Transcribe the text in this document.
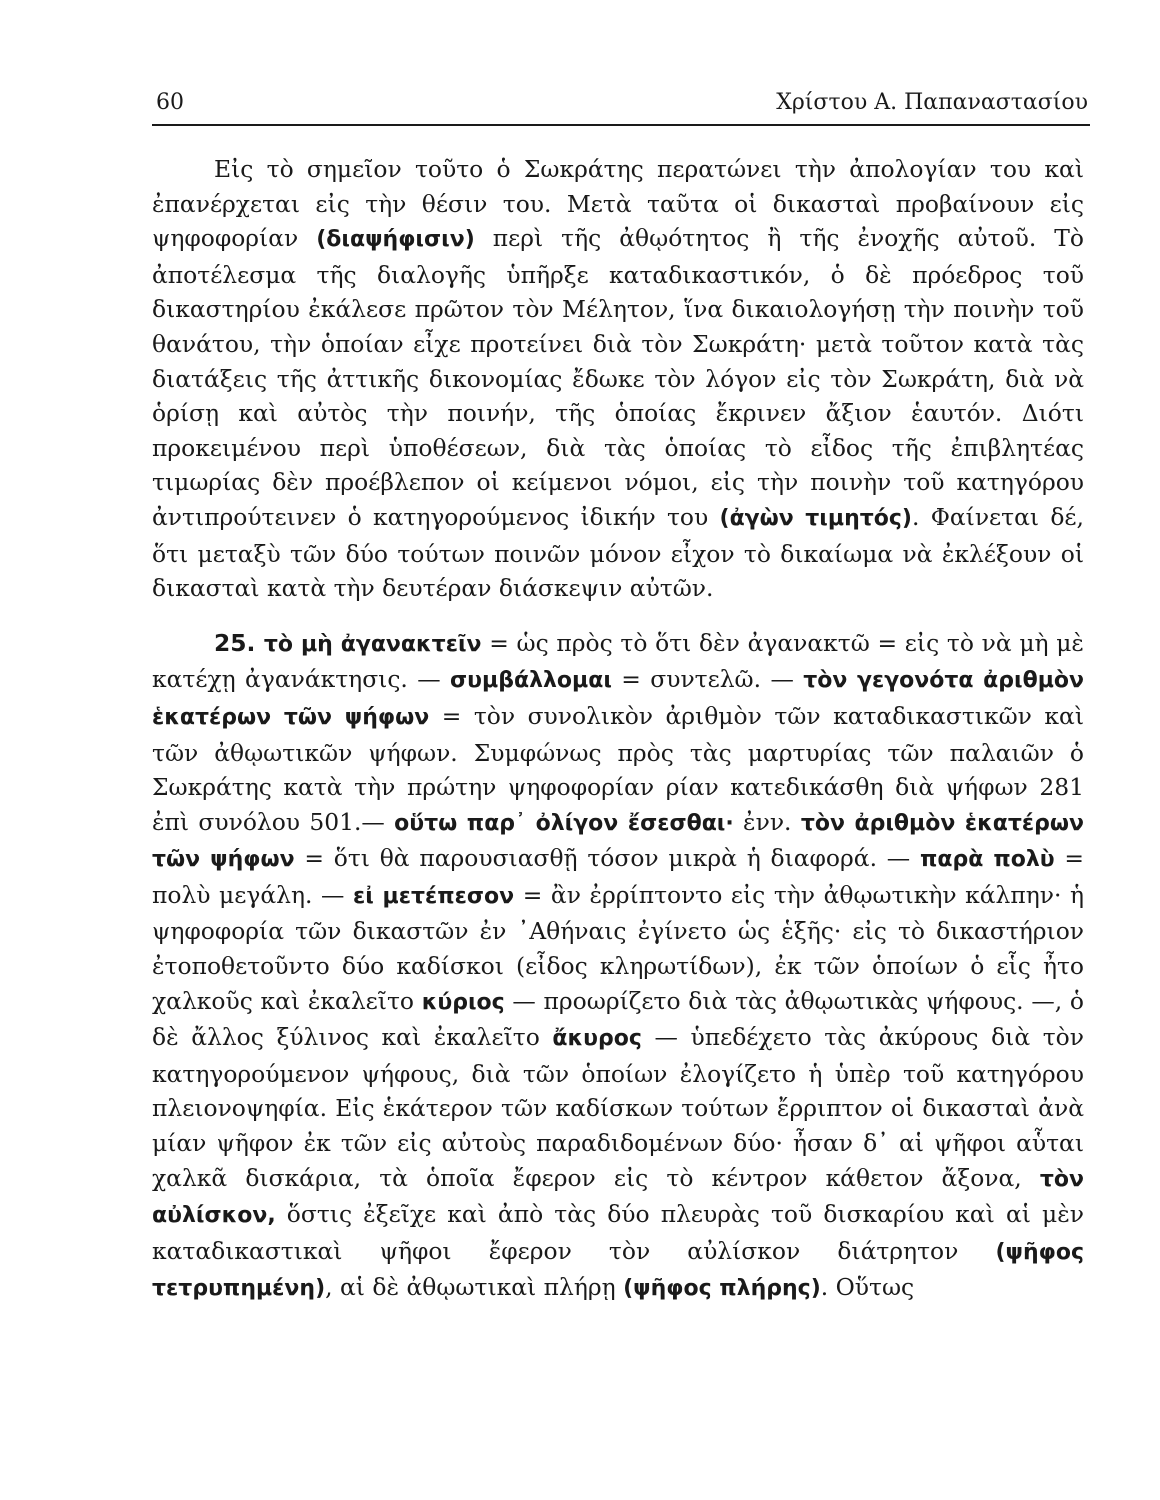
60	Χρίστου Α. Παπαναστασίου

Εἰς τὸ σημεῖον τοῦτο ὁ Σωκράτης περατώνει τὴν ἀπολογίαν του καὶ ἐπανέρχεται εἰς τὴν θέσιν του. Μετὰ ταῦτα οἱ δικασταὶ προβαίνουν εἰς ψηφοφορίαν (διαψήφισιν) περὶ τῆς ἀθῳότητος ἢ τῆς ἐνοχῆς αὐτοῦ. Τὸ ἀποτέλεσμα τῆς διαλογῆς ὑπῆρξε καταδικαστικόν, ὁ δὲ πρόεδρος τοῦ δικαστηρίου ἐκάλεσε πρῶτον τὸν Μέλητον, ἵνα δικαιολογήσῃ τὴν ποινὴν τοῦ θανάτου, τὴν ὁποίαν εἶχε προτείνει διὰ τὸν Σωκράτη· μετὰ τοῦτον κατὰ τὰς διατάξεις τῆς ἀττικῆς δικονομίας ἔδωκε τὸν λόγον εἰς τὸν Σωκράτη, διὰ νὰ ὁρίσῃ καὶ αὐτὸς τὴν ποινήν, τῆς ὁποίας ἔκρινεν ἄξιον ἑαυτόν. Διότι προκειμένου περὶ ὑποθέσεων, διὰ τὰς ὁποίας τὸ εἶδος τῆς ἐπιβλητέας τιμωρίας δὲν προέβλεπον οἱ κείμενοι νόμοι, εἰς τὴν ποινὴν τοῦ κατηγόρου ἀντιπρούτεινεν ὁ κατηγορούμενος ἰδικήν του (ἀγὼν τιμητός). Φαίνεται δέ, ὅτι μεταξὺ τῶν δύο τούτων ποινῶν μόνον εἶχον τὸ δικαίωμα νὰ ἐκλέξουν οἱ δικασταὶ κατὰ τὴν δευτέραν διάσκεψιν αὐτῶν.

25. τὸ μὴ ἀγανακτεῖν = ὡς πρὸς τὸ ὅτι δὲν ἀγανακτῶ = εἰς τὸ νὰ μὴ μὲ κατέχῃ ἀγανάκτησις. — συμβάλλομαι = συντελῶ. — τὸν γεγονότα ἀριθμὸν ἑκατέρων τῶν ψήφων = τὸν συνολικὸν ἀριθμὸν τῶν καταδικαστικῶν καὶ τῶν ἀθῳωτικῶν ψήφων. Συμφώνως πρὸς τὰς μαρτυρίας τῶν παλαιῶν ὁ Σωκράτης κατὰ τὴν πρώτην ψηφοφορίαν ρίαν κατεδικάσθη διὰ ψήφων 281 ἐπὶ συνόλου 501.— οὕτω παρ᾽ ὀλίγον ἔσεσθαι· ἐνν. τὸν ἀριθμὸν ἑκατέρων τῶν ψήφων = ὅτι θὰ παρουσιασθῇ τόσον μικρὰ ἡ διαφορά. — παρὰ πολὺ = πολὺ μεγάλη. — εἰ μετέπεσον = ἂν ἐρρίπτοντο εἰς τὴν ἀθῳωτικὴν κάλπην· ἡ ψηφοφορία τῶν δικαστῶν ἐν ᾿Αθήναις ἐγίνετο ὡς ἑξῆς· εἰς τὸ δικαστήριον ἐτοποθετοῦντο δύο καδίσκοι (εἶδος κληρωτίδων), ἐκ τῶν ὁποίων ὁ εἷς ἦτο χαλκοῦς καὶ ἐκαλεῖτο κύριος — προωρίζετο διὰ τὰς ἀθῳωτικὰς ψήφους. —, ὁ δὲ ἄλλος ξύλινος καὶ ἐκαλεῖτο ἄκυρος — ὑπεδέχετο τὰς ἀκύρους διὰ τὸν κατηγορούμενον ψήφους, διὰ τῶν ὁποίων ἐλογίζετο ἡ ὑπὲρ τοῦ κατηγόρου πλειονοψηφία. Εἰς ἑκάτερον τῶν καδίσκων τούτων ἔρριπτον οἱ δικασταὶ ἀνὰ μίαν ψῆφον ἐκ τῶν εἰς αὐτοὺς παραδιδομένων δύο· ἦσαν δ᾽ αἱ ψῆφοι αὗται χαλκᾶ δισκάρια, τὰ ὁποῖα ἔφερον εἰς τὸ κέντρον κάθετον ἄξονα, τὸν αὐλίσκον, ὅστις ἐξεῖχε καὶ ἀπὸ τὰς δύο πλευρὰς τοῦ δισκαρίου καὶ αἱ μὲν καταδικαστικαὶ ψῆφοι ἔφερον τὸν αὐλίσκον διάτρητον (ψῆφος τετρυπημένη), αἱ δὲ ἀθῳωτικαὶ πλήρῃ (ψῆφος πλήρης). Οὕτως
